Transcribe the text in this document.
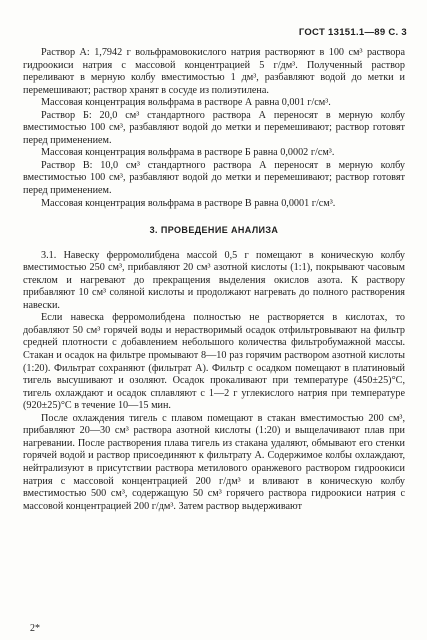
ГОСТ 13151.1—89 С. 3

Раствор А: 1,7942 г вольфрамовокислого натрия растворяют в 100 см³ раствора гидроокиси натрия с массовой концентрацией 5 г/дм³. Полученный раствор переливают в мерную колбу вместимостью 1 дм³, разбавляют водой до метки и перемешивают; раствор хранят в сосуде из полиэтилена.

Массовая концентрация вольфрама в растворе А равна 0,001 г/см³.

Раствор Б: 20,0 см³ стандартного раствора А переносят в мерную колбу вместимостью 100 см³, разбавляют водой до метки и перемешивают; раствор готовят перед применением.

Массовая концентрация вольфрама в растворе Б равна 0,0002 г/см³.

Раствор В: 10,0 см³ стандартного раствора А переносят в мерную колбу вместимостью 100 см³, разбавляют водой до метки и перемешивают; раствор готовят перед применением.

Массовая концентрация вольфрама в растворе В равна 0,0001 г/см³.

3. ПРОВЕДЕНИЕ АНАЛИЗА

3.1. Навеску ферромолибдена массой 0,5 г помещают в коническую колбу вместимостью 250 см³, прибавляют 20 см³ азотной кислоты (1:1), покрывают часовым стеклом и нагревают до прекращения выделения окислов азота. К раствору прибавляют 10 см³ соляной кислоты и продолжают нагревать до полного растворения навески.

Если навеска ферромолибдена полностью не растворяется в кислотах, то добавляют 50 см³ горячей воды и нерастворимый осадок отфильтровывают на фильтр средней плотности с добавлением небольшого количества фильтробумажной массы. Стакан и осадок на фильтре промывают 8—10 раз горячим раствором азотной кислоты (1:20). Фильтрат сохраняют (фильтрат А). Фильтр с осадком помещают в платиновый тигель высушивают и озоляют. Осадок прокаливают при температуре (450±25)°С, тигель охлаждают и осадок сплавляют с 1—2 г углекислого натрия при температуре (920±25)°С в течение 10—15 мин.

После охлаждения тигель с плавом помещают в стакан вместимостью 200 см³, прибавляют 20—30 см³ раствора азотной кислоты (1:20) и выщелачивают плав при нагревании. После растворения плава тигель из стакана удаляют, обмывают его стенки горячей водой и раствор присоединяют к фильтрату А. Содержимое колбы охлаждают, нейтрализуют в присутствии раствора метилового оранжевого раствором гидроокиси натрия с массовой концентрацией 200 г/дм³ и вливают в коническую колбу вместимостью 500 см³, содержащую 50 см³ горячего раствора гидроокиси натрия с массовой концентрацией 200 г/дм³. Затем раствор выдерживают

2*
